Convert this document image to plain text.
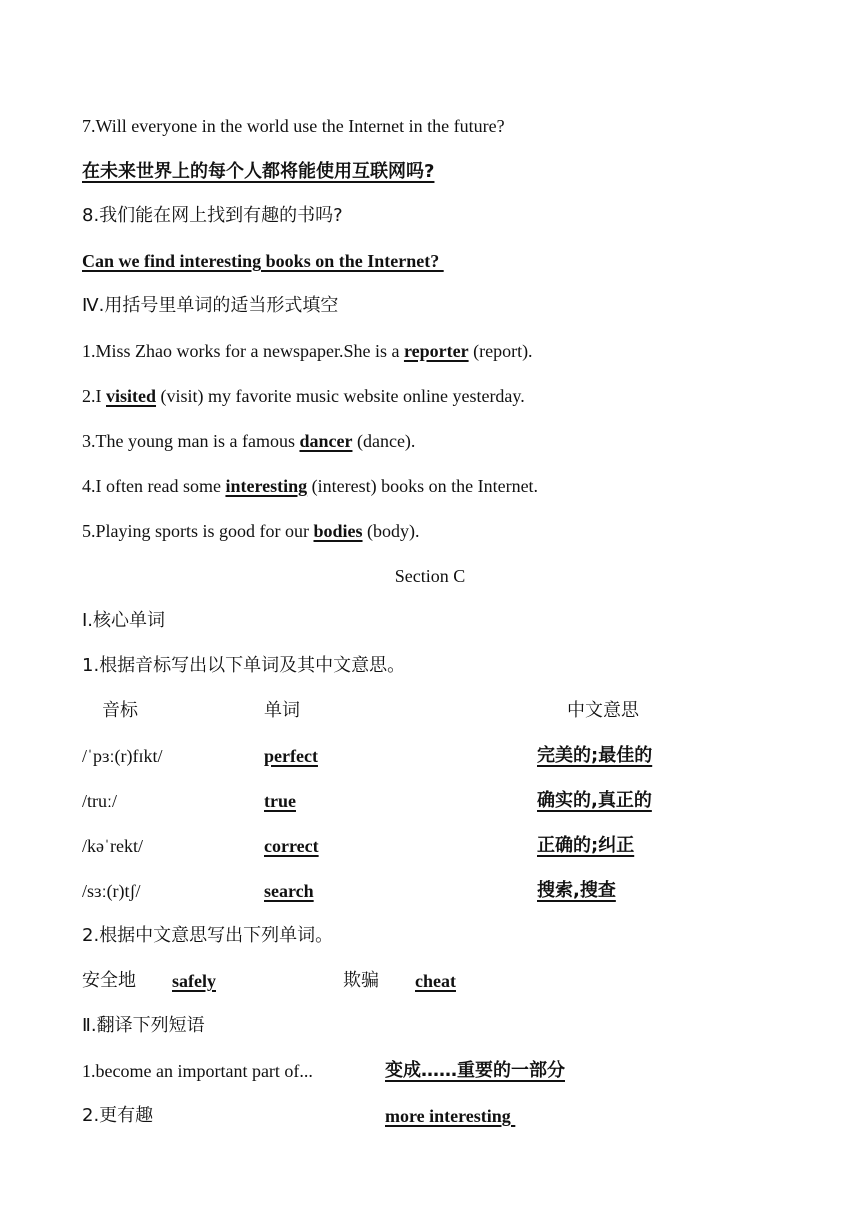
7.Will everyone in the world use the Internet in the future?
在未来世界上的每个人都将能使用互联网吗?
8.我们能在网上找到有趣的书吗?
Can we find interesting books on the Internet?
Ⅳ.用括号里单词的适当形式填空
1.Miss Zhao works for a newspaper.She is a reporter (report).
2.I visited (visit) my favorite music website online yesterday.
3.The young man is a famous dancer (dance).
4.I often read some interesting (interest) books on the Internet.
5.Playing sports is good for our bodies (body).
Section C
Ⅰ.核心单词
1.根据音标写出以下单词及其中文意思。
音标	单词	中文意思
/ˈpɜː(r)fɪkt/	perfect	完美的;最佳的
/truː/	true	确实的,真正的
/kəˈrekt/	correct	正确的;纠正
/sɜː(r)tʃ/	search	搜索,搜查
2.根据中文意思写出下列单词。
安全地 safely	欺骗 cheat
Ⅱ.翻译下列短语
1.become an important part of...	变成……重要的一部分
2.更有趣	more interesting
